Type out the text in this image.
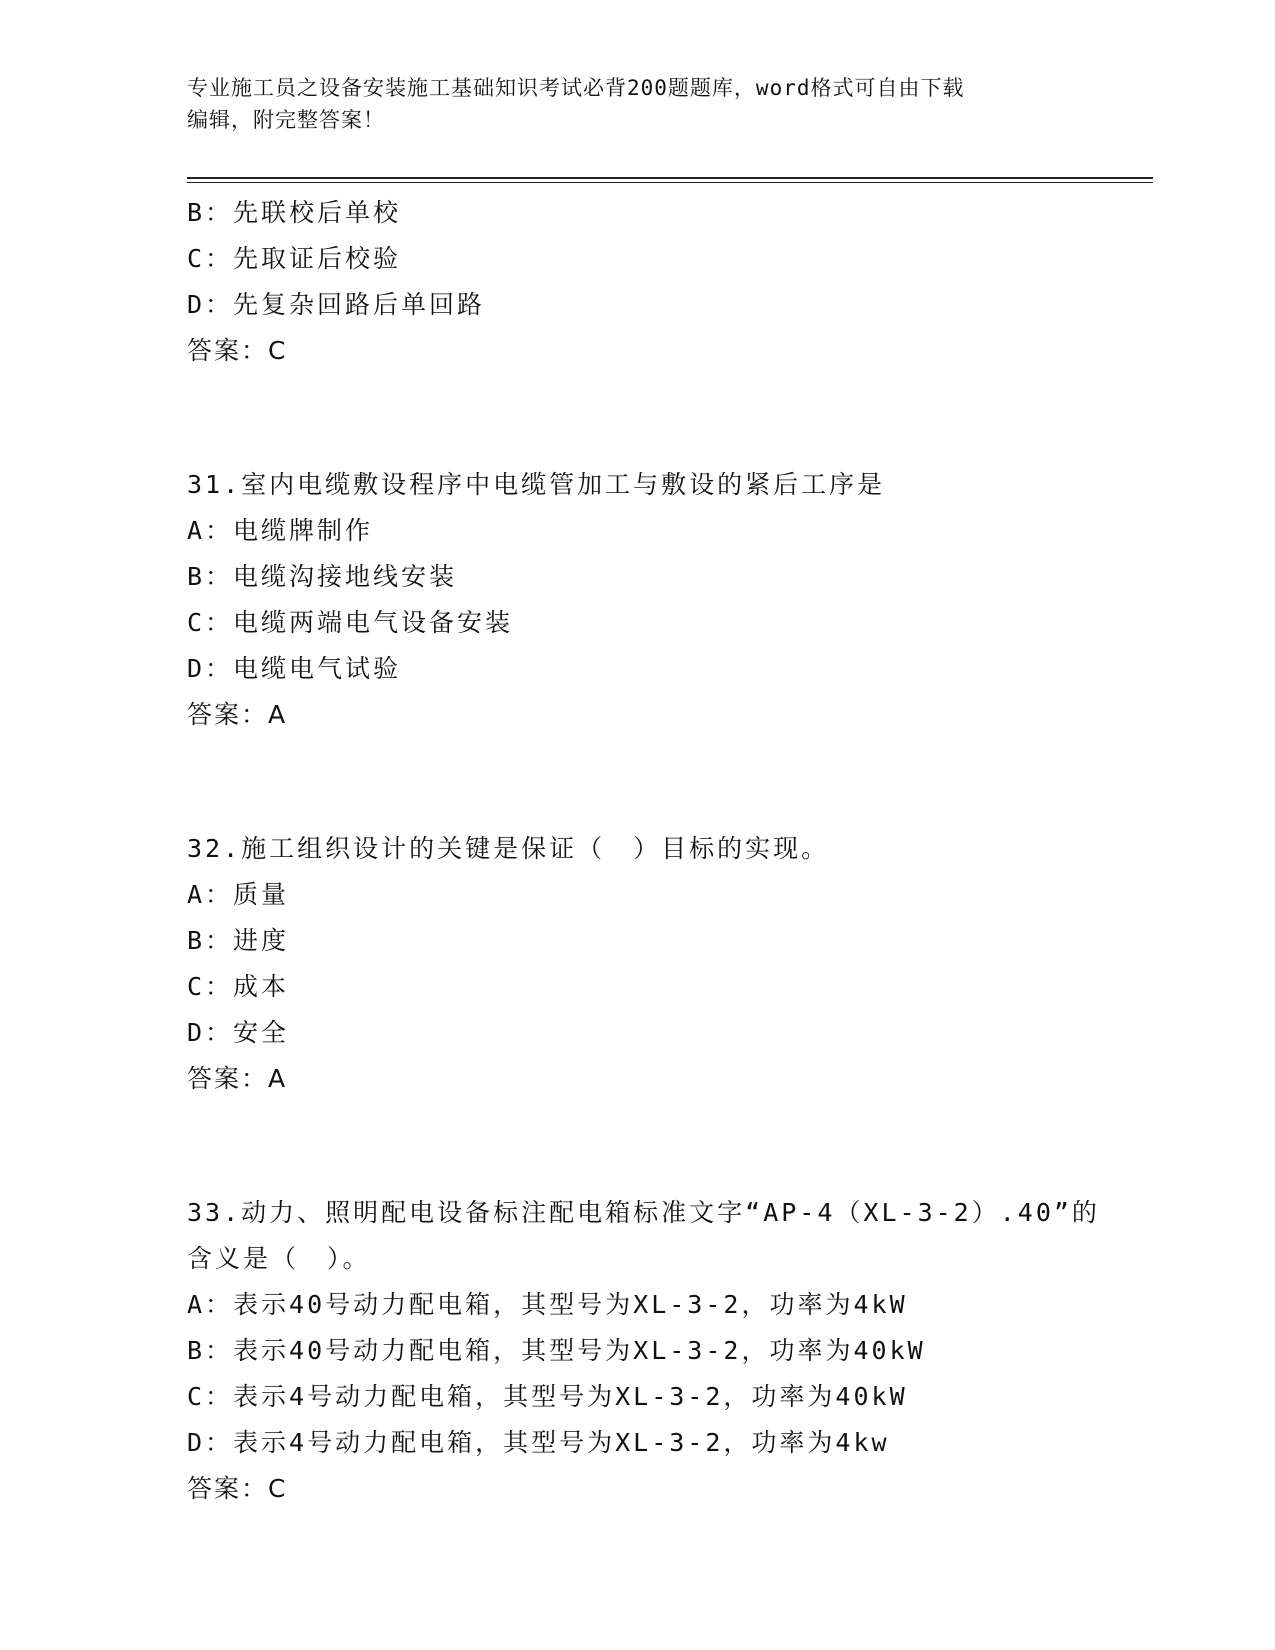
专业施工员之设备安装施工基础知识考试必背200题题库，word格式可自由下载
编辑，附完整答案！
B：先联校后单校
C：先取证后校验
D：先复杂回路后单回路
答案：C
31.室内电缆敷设程序中电缆管加工与敷设的紧后工序是
A：电缆牌制作
B：电缆沟接地线安装
C：电缆两端电气设备安装
D：电缆电气试验
答案：A
32.施工组织设计的关键是保证（　）目标的实现。
A：质量
B：进度
C：成本
D：安全
答案：A
33.动力、照明配电设备标注配电箱标准文字“AP-4（XL-3-2）.40”的含义是（　）。
A：表示40号动力配电箱，其型号为XL-3-2，功率为4kW
B：表示40号动力配电箱，其型号为XL-3-2，功率为40kW
C：表示4号动力配电箱，其型号为XL-3-2，功率为40kW
D：表示4号动力配电箱，其型号为XL-3-2，功率为4kw
答案：C
